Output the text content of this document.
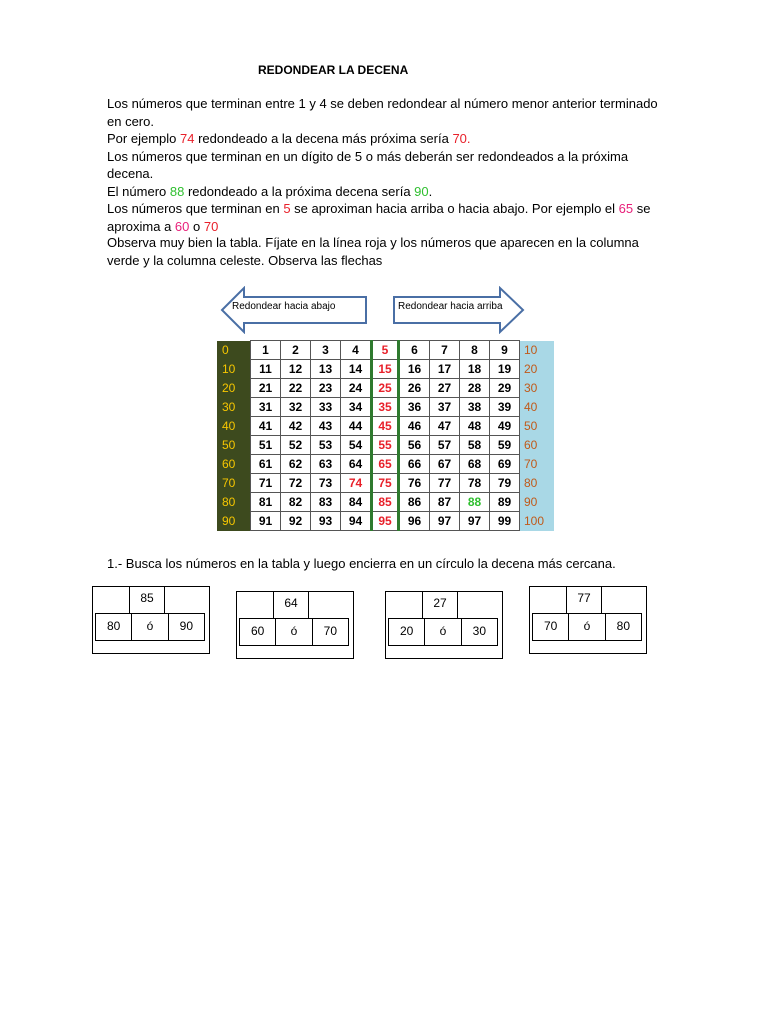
REDONDEAR LA DECENA
Los números que terminan entre 1 y 4 se deben redondear al número menor anterior terminado en cero.
Por ejemplo 74 redondeado a la decena más próxima sería 70.
Los números que terminan en un dígito de 5 o más deberán ser redondeados a la próxima decena.
El número 88 redondeado a la próxima decena sería 90.
Los números que terminan en 5 se aproximan hacia arriba o hacia abajo. Por ejemplo el 65 se aproxima a 60 o 70
Observa muy bien la tabla. Fíjate en la línea roja y los números que aparecen en la columna verde y la columna celeste. Observa las flechas
Redondear hacia abajo	Redondear hacia arriba
0	1	2	3	4	5	6	7	8	9	10
10	11	12	13	14	15	16	17	18	19	20
20	21	22	23	24	25	26	27	28	29	30
30	31	32	33	34	35	36	37	38	39	40
40	41	42	43	44	45	46	47	48	49	50
50	51	52	53	54	55	56	57	58	59	60
60	61	62	63	64	65	66	67	68	69	70
70	71	72	73	74	75	76	77	78	79	80
80	81	82	83	84	85	86	87	88	89	90
90	91	92	93	94	95	96	97	97	99	100
1.- Busca los números en la tabla y luego encierra en un círculo la decena más cercana.
85
80	ó	90
64
60	ó	70
27
20	ó	30
77
70	ó	80
